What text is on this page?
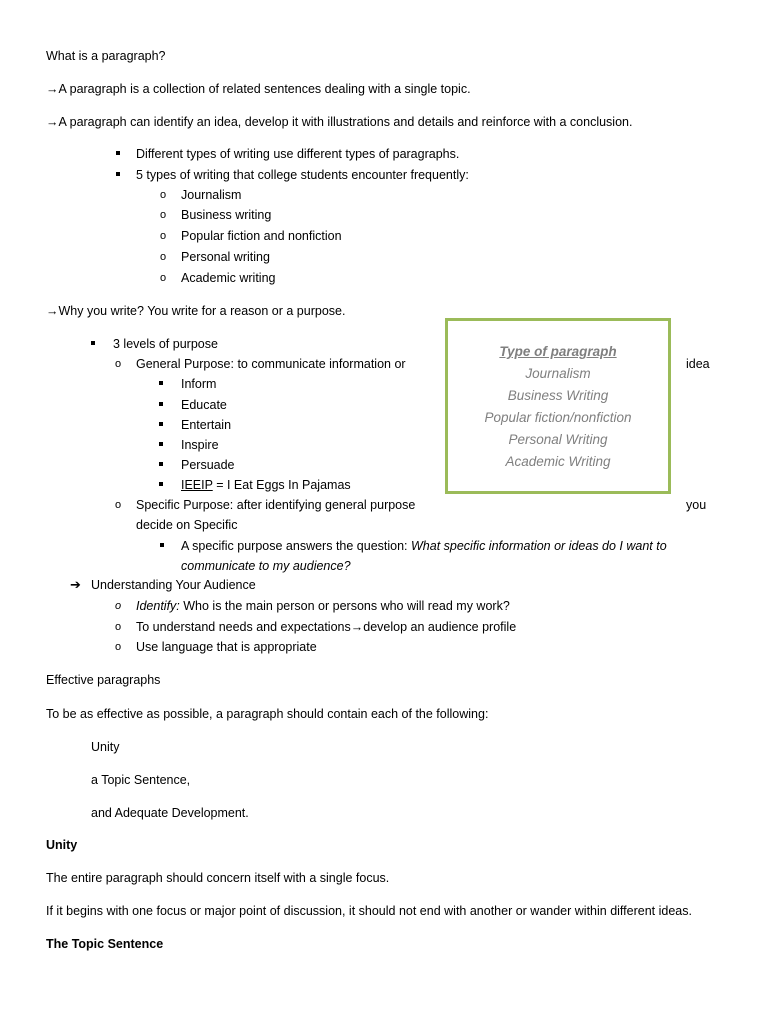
What is a paragraph?
→A paragraph is a collection of related sentences dealing with a single topic.
→A paragraph can identify an idea, develop it with illustrations and details and reinforce with a conclusion.
Different types of writing use different types of paragraphs.
5 types of writing that college students encounter frequently:
o Journalism
o Business writing
o Popular fiction and nonfiction
o Personal writing
o Academic writing
→Why you write? You write for a reason or a purpose.
3 levels of purpose
o General Purpose: to communicate information or	idea
Inform
Educate
Entertain
Inspire
Persuade
IEEIP = I Eat Eggs In Pajamas
o Specific Purpose: after identifying general purpose	you
decide on Specific
A specific purpose answers the question: What specific information or ideas do I want to
communicate to my audience?
➔ Understanding Your Audience
o Identify: Who is the main person or persons who will read my work?
o To understand needs and expectations→develop an audience profile
o Use language that is appropriate
Effective paragraphs
To be as effective as possible, a paragraph should contain each of the following:
Unity
a Topic Sentence,
and Adequate Development.
Unity
The entire paragraph should concern itself with a single focus.
If it begins with one focus or major point of discussion, it should not end with another or wander within different ideas.
The Topic Sentence
Type of paragraph
Journalism
Business Writing
Popular fiction/nonfiction
Personal Writing
Academic Writing
